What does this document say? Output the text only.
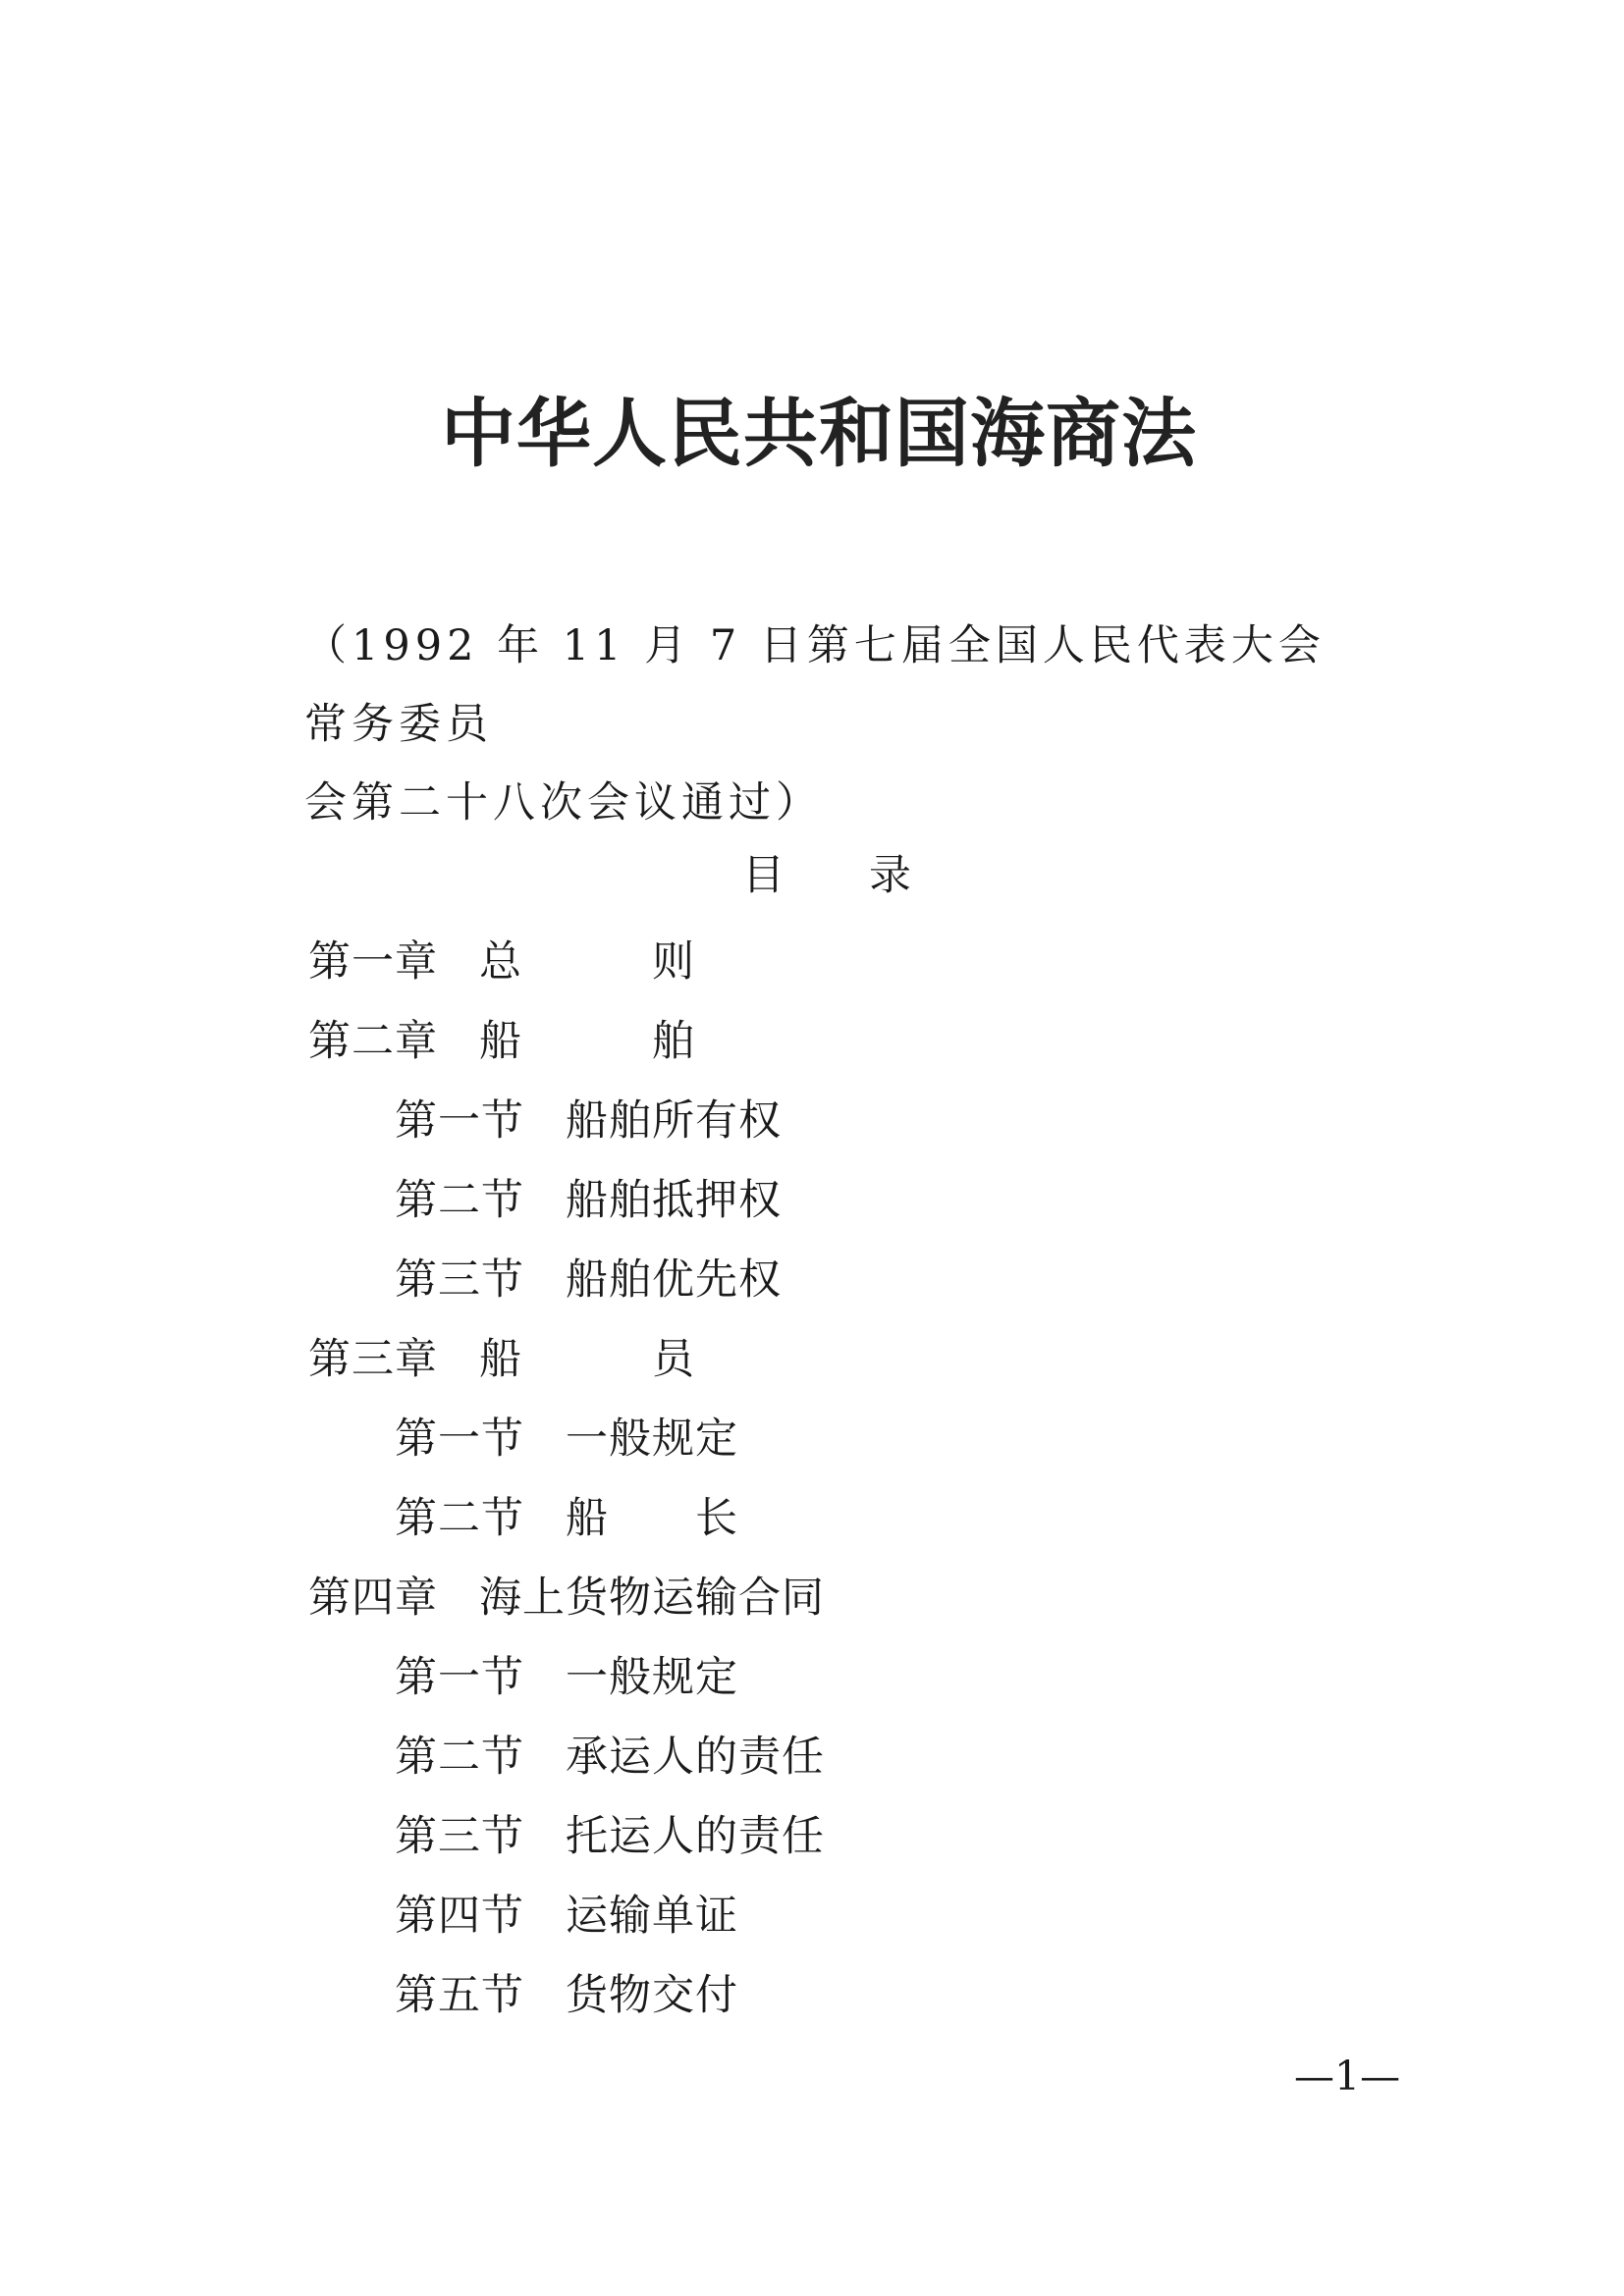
中华人民共和国海商法
（1992 年 11 月 7 日第七届全国人民代表大会常务委员
会第二十八次会议通过）
目 录
第一章 总　　　则
第二章 船　　　舶
第一节 船舶所有权
第二节 船舶抵押权
第三节 船舶优先权
第三章 船　　　员
第一节 一般规定
第二节 船　　长
第四章 海上货物运输合同
第一节 一般规定
第二节 承运人的责任
第三节 托运人的责任
第四节 运输单证
第五节 货物交付
—1—
